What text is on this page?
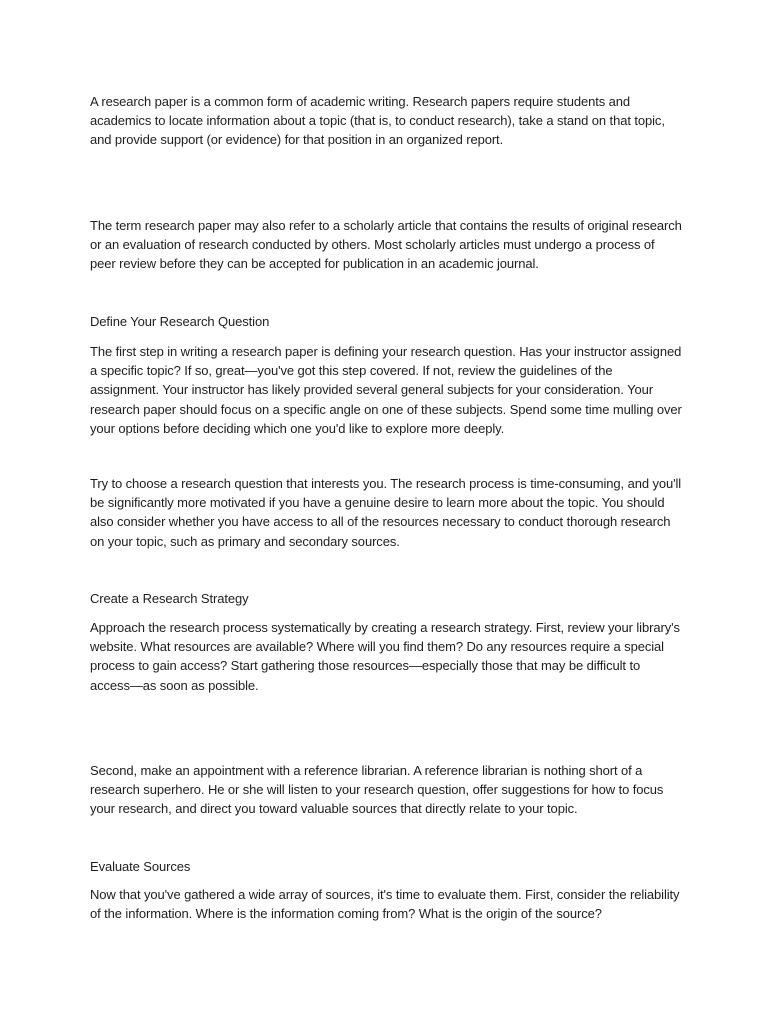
A research paper is a common form of academic writing. Research papers require students and academics to locate information about a topic (that is, to conduct research), take a stand on that topic, and provide support (or evidence) for that position in an organized report.

The term research paper may also refer to a scholarly article that contains the results of original research or an evaluation of research conducted by others. Most scholarly articles must undergo a process of peer review before they can be accepted for publication in an academic journal.

Define Your Research Question

The first step in writing a research paper is defining your research question. Has your instructor assigned a specific topic? If so, great—you've got this step covered. If not, review the guidelines of the assignment. Your instructor has likely provided several general subjects for your consideration. Your research paper should focus on a specific angle on one of these subjects. Spend some time mulling over your options before deciding which one you'd like to explore more deeply.

Try to choose a research question that interests you. The research process is time-consuming, and you'll be significantly more motivated if you have a genuine desire to learn more about the topic. You should also consider whether you have access to all of the resources necessary to conduct thorough research on your topic, such as primary and secondary sources.

Create a Research Strategy

Approach the research process systematically by creating a research strategy. First, review your library's website. What resources are available? Where will you find them? Do any resources require a special process to gain access? Start gathering those resources—especially those that may be difficult to access—as soon as possible.

Second, make an appointment with a reference librarian. A reference librarian is nothing short of a research superhero. He or she will listen to your research question, offer suggestions for how to focus your research, and direct you toward valuable sources that directly relate to your topic.

Evaluate Sources

Now that you've gathered a wide array of sources, it's time to evaluate them. First, consider the reliability of the information. Where is the information coming from? What is the origin of the source?
